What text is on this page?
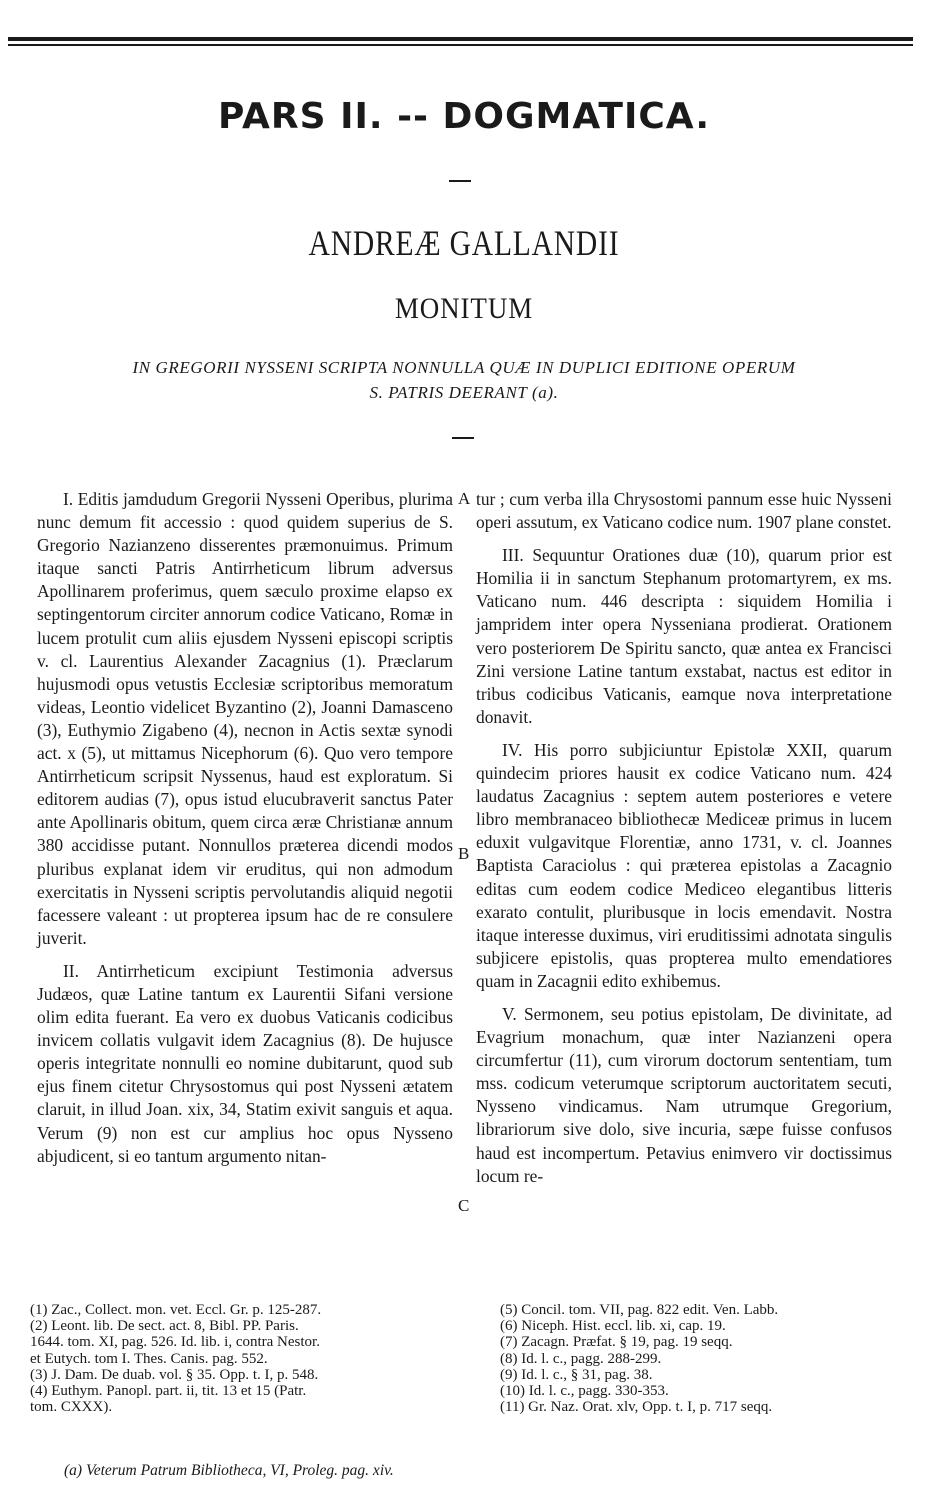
PARS II. -- DOGMATICA.
ANDREÆ GALLANDII
MONITUM
IN GREGORII NYSSENI SCRIPTA NONNULLA QUÆ IN DUPLICI EDITIONE OPERUM
S. PATRIS DEERANT (a).

I. Editis jamdudum Gregorii Nysseni Operibus, plurima nunc demum fit accessio : quod quidem superius de S. Gregorio Nazianzeno disserentes præmonuimus. Primum itaque sancti Patris Antirrheticum librum adversus Apollinarem proferimus, quem sæculo proxime elapso ex septingentorum circiter annorum codice Vaticano, Romæ in lucem protulit cum aliis ejusdem Nysseni episcopi scriptis v. cl. Laurentius Alexander Zacagnius (1). Præclarum hujusmodi opus vetustis Ecclesiæ scriptoribus memoratum videas, Leontio videlicet Byzantino (2), Joanni Damasceno (3), Euthymio Zigabeno (4), necnon in Actis sextæ synodi act. x (5), ut mittamus Nicephorum (6). Quo vero tempore Antirrheticum scripsit Nyssenus, haud est exploratum. Si editorem audias (7), opus istud elucubraverit sanctus Pater ante Apollinaris obitum, quem circa æræ Christianæ annum 380 accidisse putant. Nonnullos præterea dicendi modos pluribus explanat idem vir eruditus, qui non admodum exercitatis in Nysseni scriptis pervolutandis aliquid negotii facessere valeant : ut propterea ipsum hac de re consulere juverit.

II. Antirrheticum excipiunt Testimonia adversus Judæos, quæ Latine tantum ex Laurentii Sifani versione olim edita fuerant. Ea vero ex duobus Vaticanis codicibus invicem collatis vulgavit idem Zacagnius (8). De hujusce operis integritate nonnulli eo nomine dubitarunt, quod sub ejus finem citetur Chrysostomus qui post Nysseni ætatem claruit, in illud Joan. xix, 34, Statim exivit sanguis et aqua. Verum (9) non est cur amplius hoc opus Nysseno abjudicent, si eo tantum argumento nitan-

tur ; cum verba illa Chrysostomi pannum esse huic Nysseni operi assutum, ex Vaticano codice num. 1907 plane constet.

III. Sequuntur Orationes duæ (10), quarum prior est Homilia ii in sanctum Stephanum protomartyrem, ex ms. Vaticano num. 446 descripta : siquidem Homilia i jampridem inter opera Nysseniana prodierat. Orationem vero posteriorem De Spiritu sancto, quæ antea ex Francisci Zini versione Latine tantum exstabat, nactus est editor in tribus codicibus Vaticanis, eamque nova interpretatione donavit.

IV. His porro subjiciuntur Epistolæ XXII, quarum quindecim priores hausit ex codice Vaticano num. 424 laudatus Zacagnius : septem autem posteriores e vetere libro membranaceo bibliothecæ Mediceæ primus in lucem eduxit vulgavitque Florentiæ, anno 1731, v. cl. Joannes Baptista Caraciolus : qui præterea epistolas a Zacagnio editas cum eodem codice Mediceo elegantibus litteris exarato contulit, pluribusque in locis emendavit. Nostra itaque interesse duximus, viri eruditissimi adnotata singulis subjicere epistolis, quas propterea multo emendatiores quam in Zacagnii edito exhibemus.

V. Sermonem, seu potius epistolam, De divinitate, ad Evagrium monachum, quæ inter Nazianzeni opera circumfertur (11), cum virorum doctorum sententiam, tum mss. codicum veterumque scriptorum auctoritatem secuti, Nysseno vindicamus. Nam utrumque Gregorium, librariorum sive dolo, sive incuria, sæpe fuisse confusos haud est incompertum. Petavius enimvero vir doctissimus locum re-

A
B
C
(1) Zac., Collect. mon. vet. Eccl. Gr. p. 125-287.
(2) Leont. lib. De sect. act. 8, Bibl. PP. Paris.
1644. tom. XI, pag. 526. Id. lib. i, contra Nestor.
et Eutych. tom I. Thes. Canis. pag. 552.
(3) J. Dam. De duab. vol. § 35. Opp. t. I, p. 548.
(4) Euthym. Panopl. part. ii, tit. 13 et 15 (Patr.
tom. CXXX).
(5) Concil. tom. VII, pag. 822 edit. Ven. Labb.
(6) Niceph. Hist. eccl. lib. xi, cap. 19.
(7) Zacagn. Præfat. § 19, pag. 19 seqq.
(8) Id. l. c., pagg. 288-299.
(9) Id. l. c., § 31, pag. 38.
(10) Id. l. c., pagg. 330-353.
(11) Gr. Naz. Orat. xlv, Opp. t. I, p. 717 seqq.
(a) Veterum Patrum Bibliotheca, VI, Proleg. pag. xiv.
